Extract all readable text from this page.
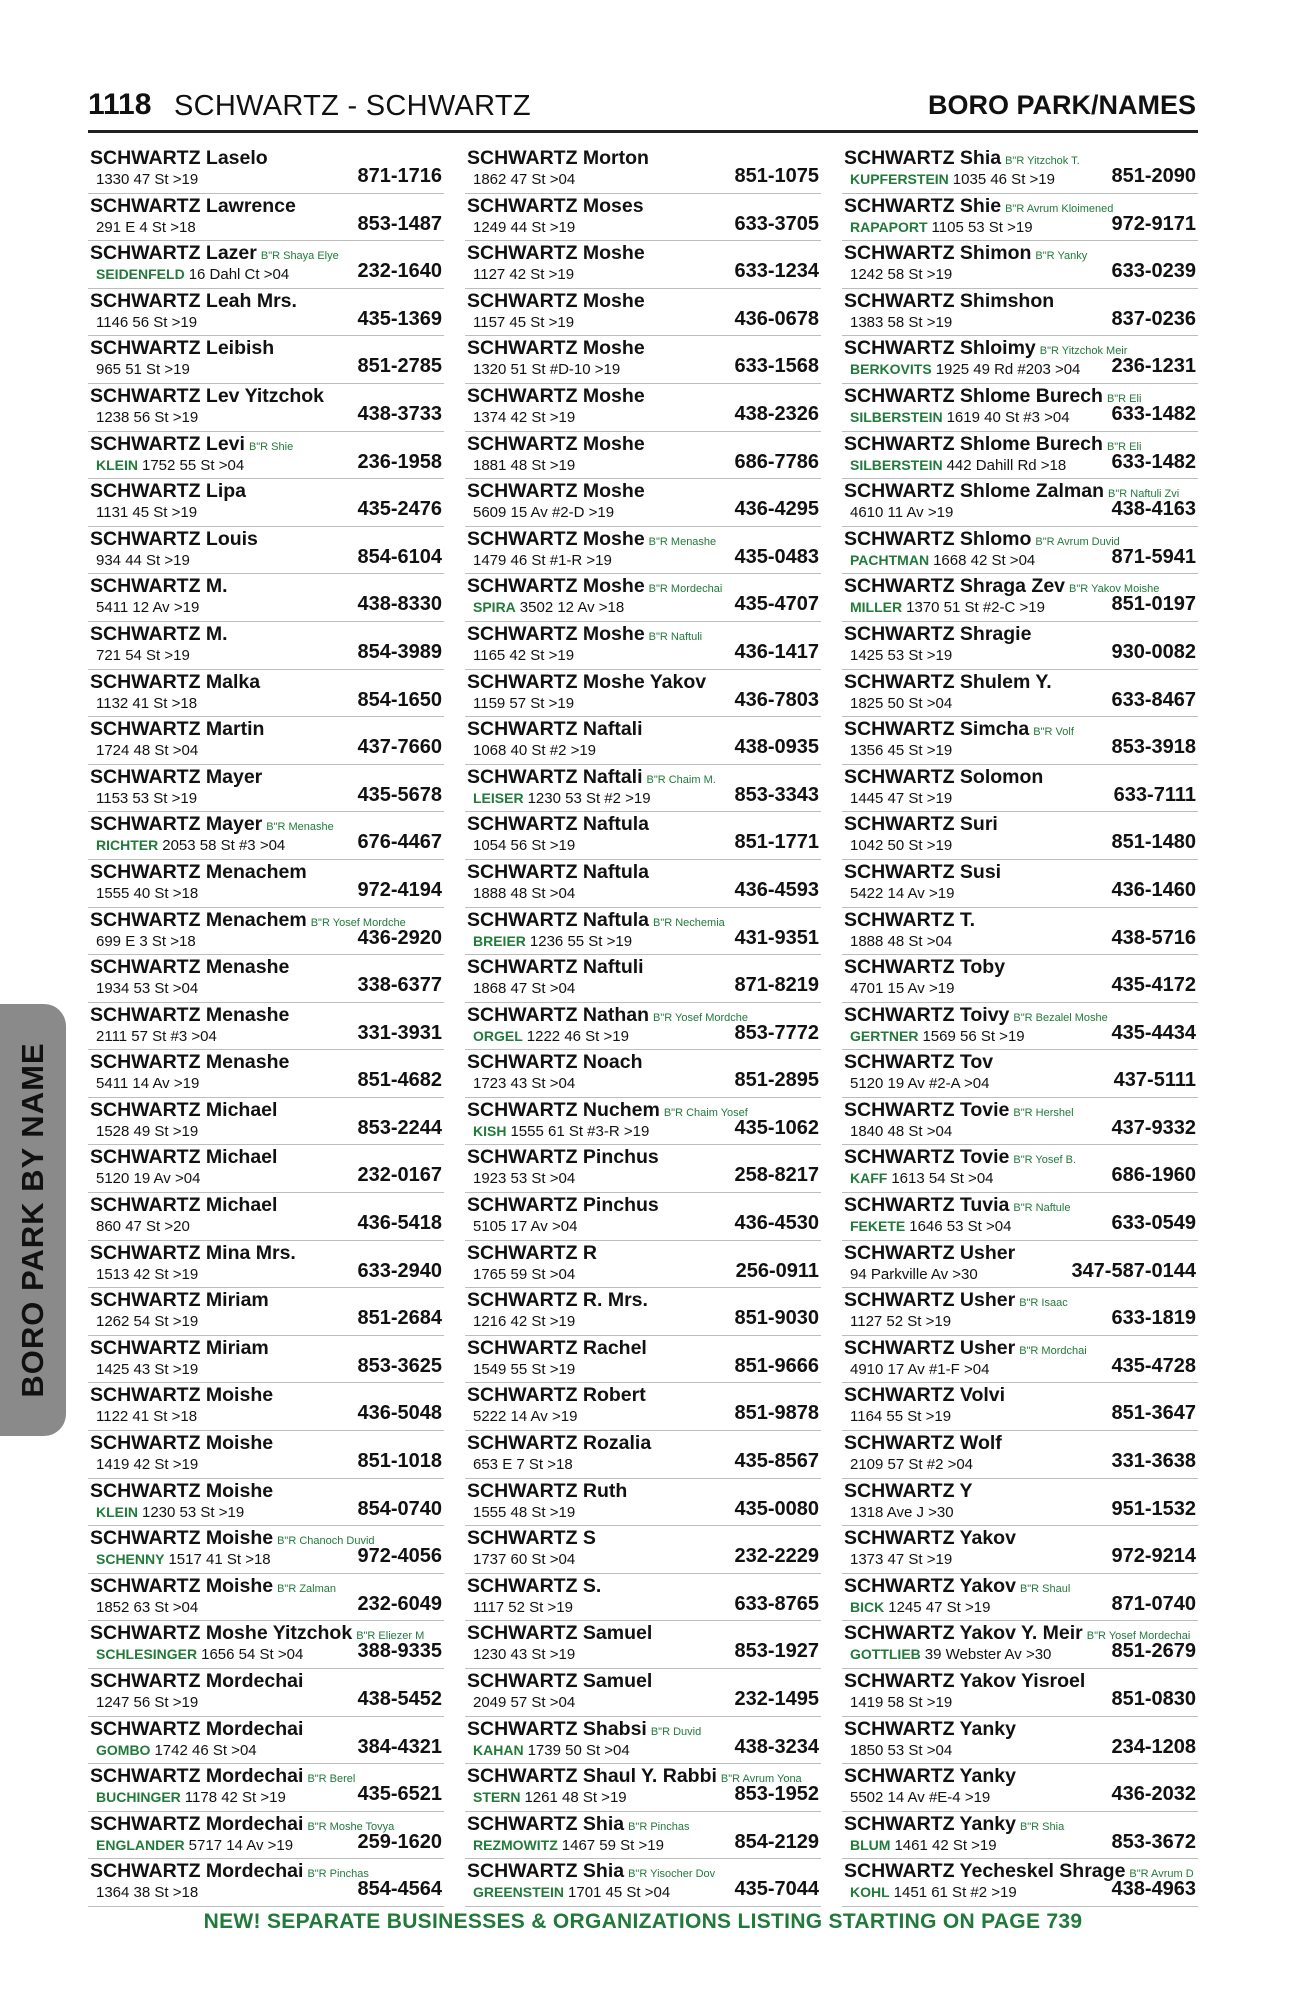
1118 SCHWARTZ - SCHWARTZ	BORO PARK/NAMES
BORO PARK BY NAME
SCHWARTZ Laselo
1330 47 St >19	871-1716
SCHWARTZ Lawrence
291 E 4 St >18	853-1487
SCHWARTZ Lazer B"R Shaya Elye
SEIDENFELD 16 Dahl Ct >04	232-1640
SCHWARTZ Leah Mrs.
1146 56 St >19	435-1369
SCHWARTZ Leibish
965 51 St >19	851-2785
SCHWARTZ Lev Yitzchok
1238 56 St >19	438-3733
SCHWARTZ Levi B"R Shie
KLEIN 1752 55 St >04	236-1958
SCHWARTZ Lipa
1131 45 St >19	435-2476
SCHWARTZ Louis
934 44 St >19	854-6104
SCHWARTZ M.
5411 12 Av >19	438-8330
SCHWARTZ M.
721 54 St >19	854-3989
SCHWARTZ Malka
1132 41 St >18	854-1650
SCHWARTZ Martin
1724 48 St >04	437-7660
SCHWARTZ Mayer
1153 53 St >19	435-5678
SCHWARTZ Mayer B"R Menashe
RICHTER 2053 58 St #3 >04	676-4467
SCHWARTZ Menachem
1555 40 St >18	972-4194
SCHWARTZ Menachem B"R Yosef Mordche
699 E 3 St >18	436-2920
SCHWARTZ Menashe
1934 53 St >04	338-6377
SCHWARTZ Menashe
2111 57 St #3 >04	331-3931
SCHWARTZ Menashe
5411 14 Av >19	851-4682
SCHWARTZ Michael
1528 49 St >19	853-2244
SCHWARTZ Michael
5120 19 Av >04	232-0167
SCHWARTZ Michael
860 47 St >20	436-5418
SCHWARTZ Mina Mrs.
1513 42 St >19	633-2940
SCHWARTZ Miriam
1262 54 St >19	851-2684
SCHWARTZ Miriam
1425 43 St >19	853-3625
SCHWARTZ Moishe
1122 41 St >18	436-5048
SCHWARTZ Moishe
1419 42 St >19	851-1018
SCHWARTZ Moishe
KLEIN 1230 53 St >19	854-0740
SCHWARTZ Moishe B"R Chanoch Duvid
SCHENNY 1517 41 St >18	972-4056
SCHWARTZ Moishe B"R Zalman
1852 63 St >04	232-6049
SCHWARTZ Moshe Yitzchok B"R Eliezer M
SCHLESINGER 1656 54 St >04	388-9335
SCHWARTZ Mordechai
1247 56 St >19	438-5452
SCHWARTZ Mordechai
GOMBO 1742 46 St >04	384-4321
SCHWARTZ Mordechai B"R Berel
BUCHINGER 1178 42 St >19	435-6521
SCHWARTZ Mordechai B"R Moshe Tovya
ENGLANDER 5717 14 Av >19	259-1620
SCHWARTZ Mordechai B"R Pinchas
1364 38 St >18	854-4564
SCHWARTZ Morton
1862 47 St >04	851-1075
SCHWARTZ Moses
1249 44 St >19	633-3705
SCHWARTZ Moshe
1127 42 St >19	633-1234
SCHWARTZ Moshe
1157 45 St >19	436-0678
SCHWARTZ Moshe
1320 51 St #D-10 >19	633-1568
SCHWARTZ Moshe
1374 42 St >19	438-2326
SCHWARTZ Moshe
1881 48 St >19	686-7786
SCHWARTZ Moshe
5609 15 Av #2-D >19	436-4295
SCHWARTZ Moshe B"R Menashe
1479 46 St #1-R >19	435-0483
SCHWARTZ Moshe B"R Mordechai
SPIRA 3502 12 Av >18	435-4707
SCHWARTZ Moshe B"R Naftuli
1165 42 St >19	436-1417
SCHWARTZ Moshe Yakov
1159 57 St >19	436-7803
SCHWARTZ Naftali
1068 40 St #2 >19	438-0935
SCHWARTZ Naftali B"R Chaim M.
LEISER 1230 53 St #2 >19	853-3343
SCHWARTZ Naftula
1054 56 St >19	851-1771
SCHWARTZ Naftula
1888 48 St >04	436-4593
SCHWARTZ Naftula B"R Nechemia
BREIER 1236 55 St >19	431-9351
SCHWARTZ Naftuli
1868 47 St >04	871-8219
SCHWARTZ Nathan B"R Yosef Mordche
ORGEL 1222 46 St >19	853-7772
SCHWARTZ Noach
1723 43 St >04	851-2895
SCHWARTZ Nuchem B"R Chaim Yosef
KISH 1555 61 St #3-R >19	435-1062
SCHWARTZ Pinchus
1923 53 St >04	258-8217
SCHWARTZ Pinchus
5105 17 Av >04	436-4530
SCHWARTZ R
1765 59 St >04	256-0911
SCHWARTZ R. Mrs.
1216 42 St >19	851-9030
SCHWARTZ Rachel
1549 55 St >19	851-9666
SCHWARTZ Robert
5222 14 Av >19	851-9878
SCHWARTZ Rozalia
653 E 7 St >18	435-8567
SCHWARTZ Ruth
1555 48 St >19	435-0080
SCHWARTZ S
1737 60 St >04	232-2229
SCHWARTZ S.
1117 52 St >19	633-8765
SCHWARTZ Samuel
1230 43 St >19	853-1927
SCHWARTZ Samuel
2049 57 St >04	232-1495
SCHWARTZ Shabsi B"R Duvid
KAHAN 1739 50 St >04	438-3234
SCHWARTZ Shaul Y. Rabbi B"R Avrum Yona
STERN 1261 48 St >19	853-1952
SCHWARTZ Shia B"R Pinchas
REZMOWITZ 1467 59 St >19	854-2129
SCHWARTZ Shia B"R Yisocher Dov
GREENSTEIN 1701 45 St >04	435-7044
SCHWARTZ Shia B"R Yitzchok T.
KUPFERSTEIN 1035 46 St >19	851-2090
SCHWARTZ Shie B"R Avrum Kloimened
RAPAPORT 1105 53 St >19	972-9171
SCHWARTZ Shimon B"R Yanky
1242 58 St >19	633-0239
SCHWARTZ Shimshon
1383 58 St >19	837-0236
SCHWARTZ Shloimy B"R Yitzchok Meir
BERKOVITS 1925 49 Rd #203 >04 236-1231
SCHWARTZ Shlome Burech B"R Eli
SILBERSTEIN 1619 40 St #3 >04 633-1482
SCHWARTZ Shlome Burech B"R Eli
SILBERSTEIN 442 Dahill Rd >18 633-1482
SCHWARTZ Shlome Zalman B"R Naftuli Zvi
4610 11 Av >19	438-4163
SCHWARTZ Shlomo B"R Avrum Duvid
PACHTMAN 1668 42 St >04	871-5941
SCHWARTZ Shraga Zev B"R Yakov Moishe
MILLER 1370 51 St #2-C >19	851-0197
SCHWARTZ Shragie
1425 53 St >19	930-0082
SCHWARTZ Shulem Y.
1825 50 St >04	633-8467
SCHWARTZ Simcha B"R Volf
1356 45 St >19	853-3918
SCHWARTZ Solomon
1445 47 St >19	633-7111
SCHWARTZ Suri
1042 50 St >19	851-1480
SCHWARTZ Susi
5422 14 Av >19	436-1460
SCHWARTZ T.
1888 48 St >04	438-5716
SCHWARTZ Toby
4701 15 Av >19	435-4172
SCHWARTZ Toivy B"R Bezalel Moshe
GERTNER 1569 56 St >19	435-4434
SCHWARTZ Tov
5120 19 Av #2-A >04	437-5111
SCHWARTZ Tovie B"R Hershel
1840 48 St >04	437-9332
SCHWARTZ Tovie B"R Yosef B.
KAFF 1613 54 St >04	686-1960
SCHWARTZ Tuvia B"R Naftule
FEKETE 1646 53 St >04	633-0549
SCHWARTZ Usher
94 Parkville Av >30	347-587-0144
SCHWARTZ Usher B"R Isaac
1127 52 St >19	633-1819
SCHWARTZ Usher B"R Mordchai
4910 17 Av #1-F >04	435-4728
SCHWARTZ Volvi
1164 55 St >19	851-3647
SCHWARTZ Wolf
2109 57 St #2 >04	331-3638
SCHWARTZ Y
1318 Ave J >30	951-1532
SCHWARTZ Yakov
1373 47 St >19	972-9214
SCHWARTZ Yakov B"R Shaul
BICK 1245 47 St >19	871-0740
SCHWARTZ Yakov Y. Meir B"R Yosef Mordechai
GOTTLIEB 39 Webster Av >30	851-2679
SCHWARTZ Yakov Yisroel
1419 58 St >19	851-0830
SCHWARTZ Yanky
1850 53 St >04	234-1208
SCHWARTZ Yanky
5502 14 Av #E-4 >19	436-2032
SCHWARTZ Yanky B"R Shia
BLUM 1461 42 St >19	853-3672
SCHWARTZ Yecheskel Shrage B"R Avrum D
KOHL 1451 61 St #2 >19	438-4963
NEW! SEPARATE BUSINESSES & ORGANIZATIONS LISTING STARTING ON PAGE 739
